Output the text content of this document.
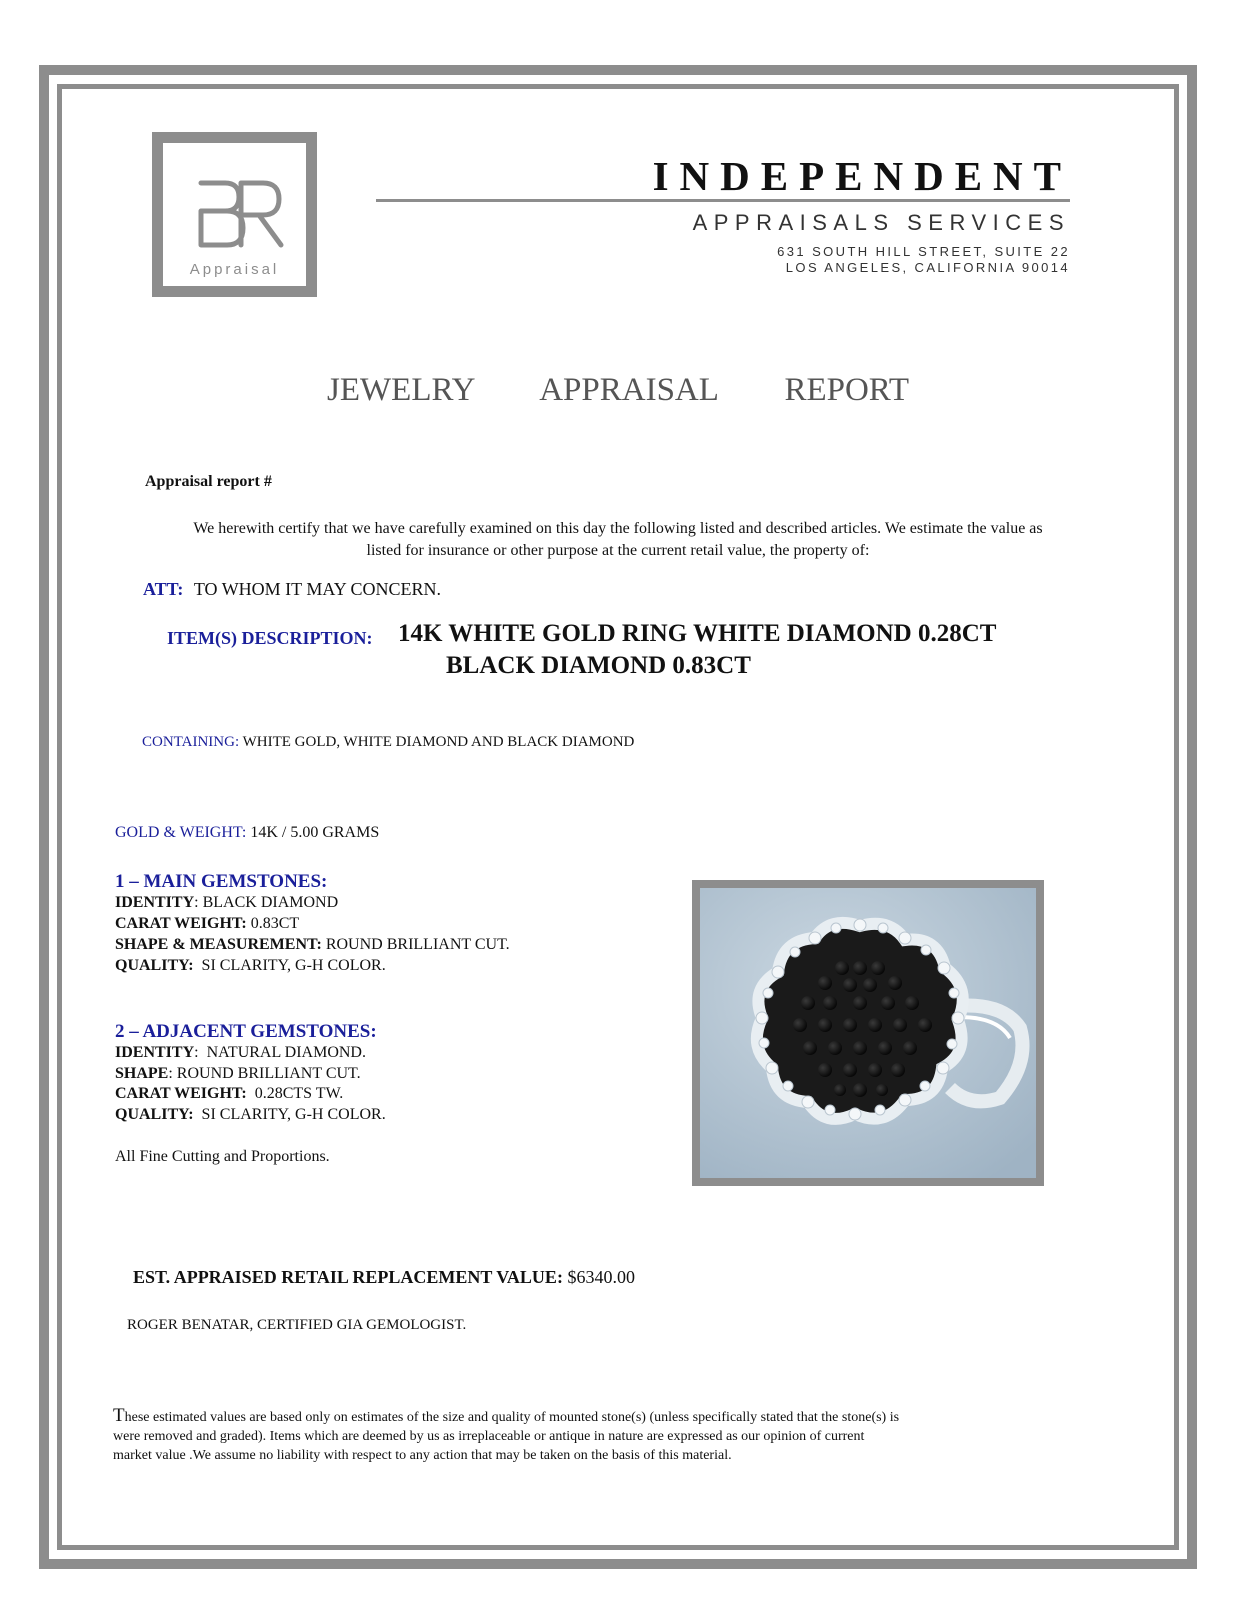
Appraisal
INDEPENDENT
APPRAISALS SERVICES
631 SOUTH HILL STREET, SUITE 22
LOS ANGELES, CALIFORNIA 90014
JEWELRY   APPRAISAL   REPORT
Appraisal report #
We herewith certify that we have carefully examined on this day the following listed and described articles. We estimate the value as
listed for insurance or other purpose at the current retail value, the property of:
ATT: TO WHOM IT MAY CONCERN.
ITEM(S) DESCRIPTION: 14K WHITE GOLD RING WHITE DIAMOND 0.28CT
BLACK DIAMOND 0.83CT
CONTAINING: WHITE GOLD, WHITE DIAMOND AND BLACK DIAMOND
GOLD & WEIGHT: 14K / 5.00 GRAMS
1 – MAIN GEMSTONES:
IDENTITY: BLACK DIAMOND
CARAT WEIGHT: 0.83CT
SHAPE & MEASUREMENT: ROUND BRILLIANT CUT.
QUALITY:  SI CLARITY, G-H COLOR.
2 – ADJACENT GEMSTONES:
IDENTITY:  NATURAL DIAMOND.
SHAPE: ROUND BRILLIANT CUT.
CARAT WEIGHT:  0.28CTS TW.
QUALITY:  SI CLARITY, G-H COLOR.
All Fine Cutting and Proportions.
EST. APPRAISED RETAIL REPLACEMENT VALUE: $6340.00
ROGER BENATAR, CERTIFIED GIA GEMOLOGIST.
These estimated values are based only on estimates of the size and quality of mounted stone(s) (unless specifically stated that the stone(s) is
were removed and graded). Items which are deemed by us as irreplaceable or antique in nature are expressed as our opinion of current
market value .We assume no liability with respect to any action that may be taken on the basis of this material.
